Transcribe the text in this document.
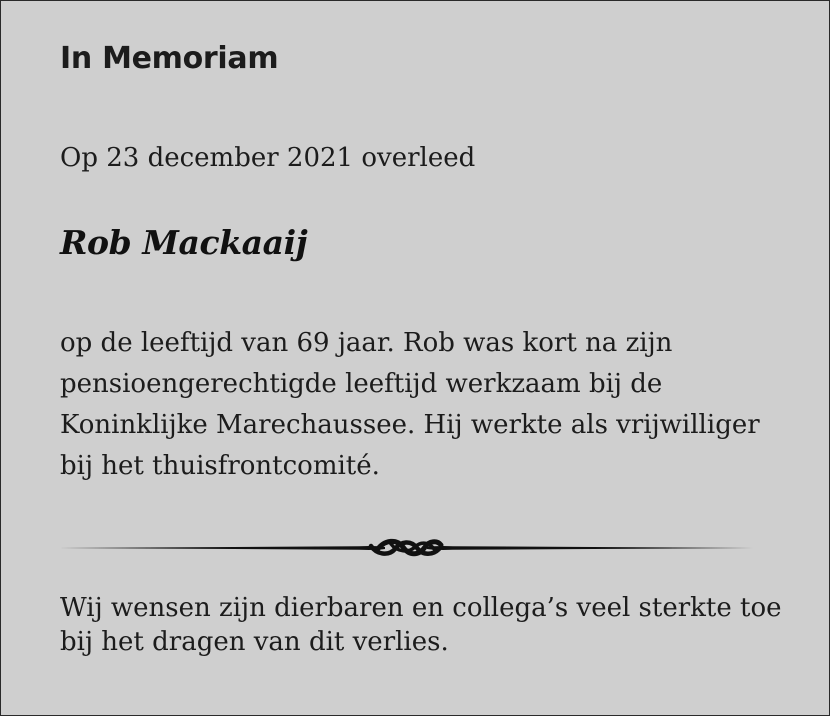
In Memoriam

Op 23 december 2021 overleed

Rob Mackaaij

op de leeftijd van 69 jaar. Rob was kort na zijn
pensioengerechtigde leeftijd werkzaam bij de
Koninklijke Marechaussee. Hij werkte als vrijwilliger
bij het thuisfrontcomité.

Wij wensen zijn dierbaren en collega’s veel sterkte toe
bij het dragen van dit verlies.
